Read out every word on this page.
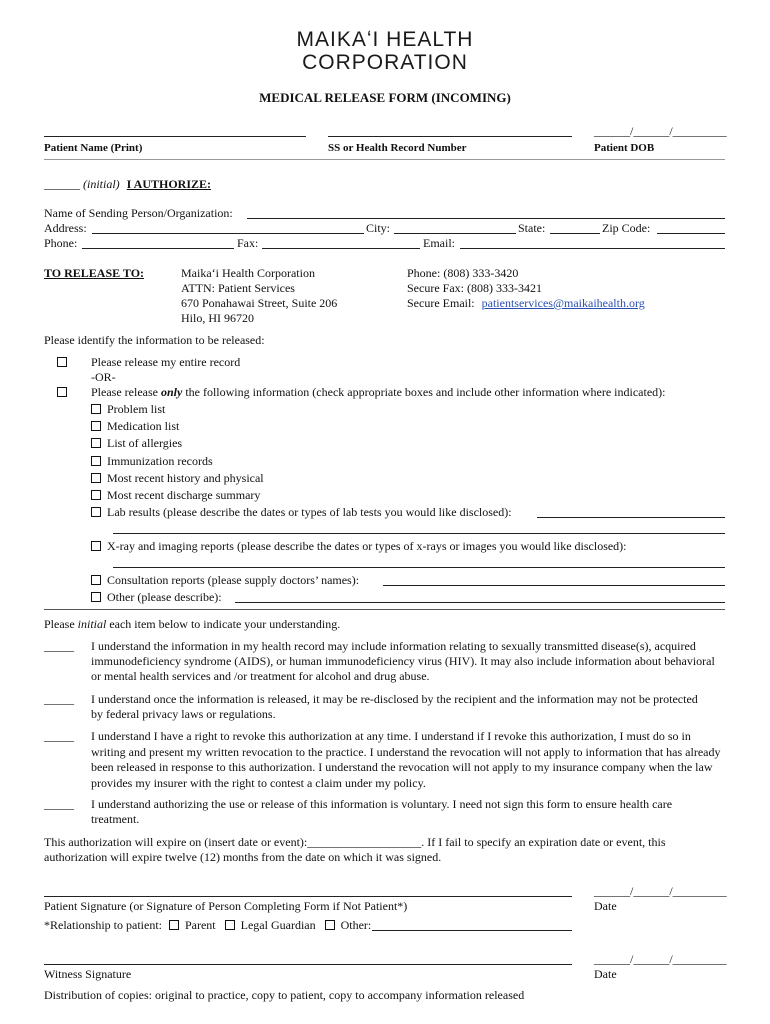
MAIKAʻI HEALTH
CORPORATION
MEDICAL RELEASE FORM (INCOMING)
Patient Name (Print)	SS or Health Record Number
______/______/_________
Patient DOB
______ (initial) I AUTHORIZE:
Name of Sending Person/Organization:
Address:	City:	State:	Zip Code:
Phone:	Fax:	Email:
TO RELEASE TO:	Maikaʻi Health Corporation
ATTN: Patient Services
670 Ponahawai Street, Suite 206
Hilo, HI 96720
Phone: (808) 333-3420
Secure Fax: (808) 333-3421
Secure Email: patientservices@maikaihealth.org
Please identify the information to be released:
Please release my entire record
-OR-
Please release only the following information (check appropriate boxes and include other information where indicated):
Problem list
Medication list
List of allergies
Immunization records
Most recent history and physical
Most recent discharge summary
Lab results (please describe the dates or types of lab tests you would like disclosed):
X-ray and imaging reports (please describe the dates or types of x-rays or images you would like disclosed):
Consultation reports (please supply doctors’ names):
Other (please describe):
Please initial each item below to indicate your understanding.
_____ I understand the information in my health record may include information relating to sexually transmitted disease(s), acquired immunodeficiency syndrome (AIDS), or human immunodeficiency virus (HIV). It may also include information about behavioral or mental health services and /or treatment for alcohol and drug abuse.
_____ I understand once the information is released, it may be re-disclosed by the recipient and the information may not be protected by federal privacy laws or regulations.
_____ I understand I have a right to revoke this authorization at any time. I understand if I revoke this authorization, I must do so in writing and present my written revocation to the practice. I understand the revocation will not apply to information that has already been released in response to this authorization. I understand the revocation will not apply to my insurance company when the law provides my insurer with the right to contest a claim under my policy.
_____ I understand authorizing the use or release of this information is voluntary. I need not sign this form to ensure health care treatment.
This authorization will expire on (insert date or event):___________________. If I fail to specify an expiration date or event, this authorization will expire twelve (12) months from the date on which it was signed.
Patient Signature (or Signature of Person Completing Form if Not Patient*)
______/______/_________
Date
*Relationship to patient: Parent Legal Guardian Other:
Witness Signature
______/______/_________
Date
Distribution of copies: original to practice, copy to patient, copy to accompany information released
